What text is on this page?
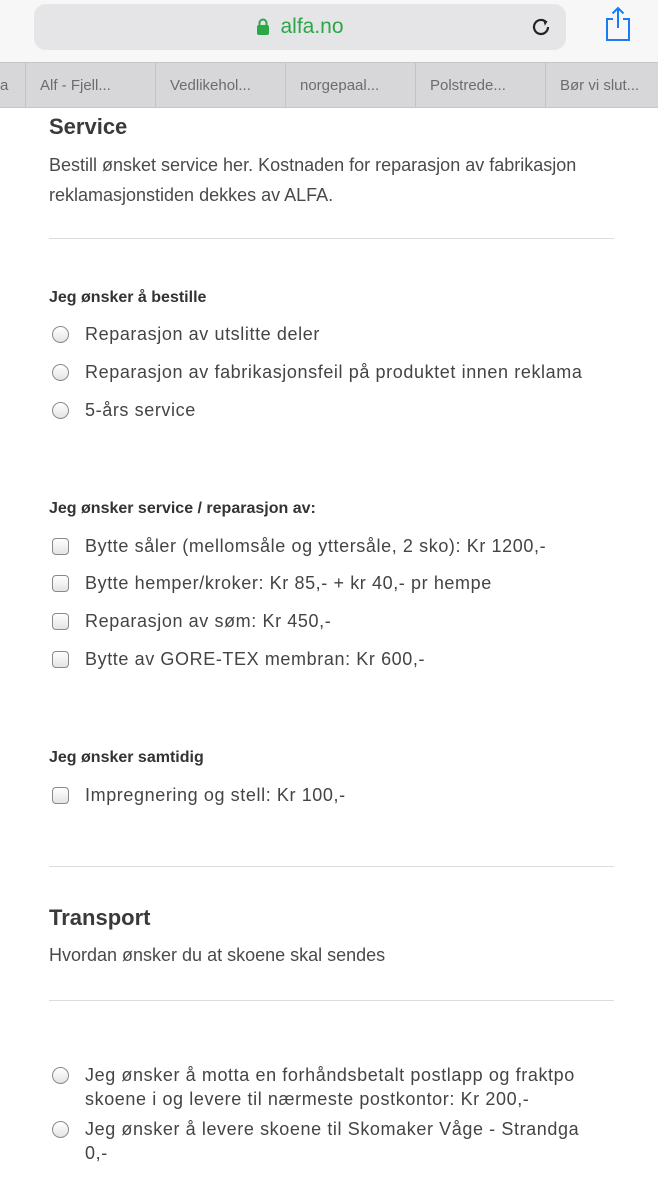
alfa.no
a Alf - Fjell...	Vedlikehol...	norgepaal...	Polstrede...	Bør vi slut...
Service
Bestill ønsket service her. Kostnaden for reparasjon av fabrikasjon
reklamasjonstiden dekkes av ALFA.
Jeg ønsker å bestille
Reparasjon av utslitte deler
Reparasjon av fabrikasjonsfeil på produktet innen reklama
5-års service
Jeg ønsker service / reparasjon av:
Bytte såler (mellomsåle og yttersåle, 2 sko): Kr 1200,-
Bytte hemper/kroker: Kr 85,- + kr 40,- pr hempe
Reparasjon av søm: Kr 450,-
Bytte av GORE-TEX membran: Kr 600,-
Jeg ønsker samtidig
Impregnering og stell: Kr 100,-
Transport
Hvordan ønsker du at skoene skal sendes
Jeg ønsker å motta en forhåndsbetalt postlapp og fraktpo
skoene i og levere til nærmeste postkontor: Kr 200,-
Jeg ønsker å levere skoene til Skomaker Våge - Strandga
0,-
